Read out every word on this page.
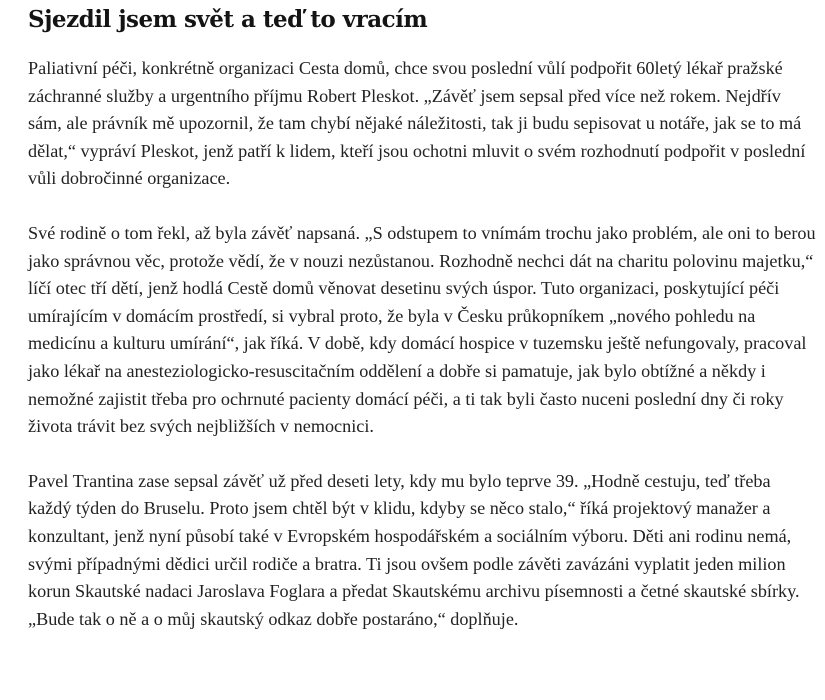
Sjezdil jsem svět a teď to vracím

Paliativní péči, konkrétně organizaci Cesta domů, chce svou poslední vůlí podpořit 60letý lékař pražské záchranné služby a urgentního příjmu Robert Pleskot. „Závěť jsem sepsal před více než rokem. Nejdřív sám, ale právník mě upozornil, že tam chybí nějaké náležitosti, tak ji budu sepisovat u notáře, jak se to má dělat,“ vypráví Pleskot, jenž patří k lidem, kteří jsou ochotni mluvit o svém rozhodnutí podpořit v poslední vůli dobročinné organizace.

Své rodině o tom řekl, až byla závěť napsaná. „S odstupem to vnímám trochu jako problém, ale oni to berou jako správnou věc, protože vědí, že v nouzi nezůstanou. Rozhodně nechci dát na charitu polovinu majetku,“ líčí otec tří dětí, jenž hodlá Cestě domů věnovat desetinu svých úspor. Tuto organizaci, poskytující péči umírajícím v domácím prostředí, si vybral proto, že byla v Česku průkopníkem „nového pohledu na medicínu a kulturu umírání“, jak říká. V době, kdy domácí hospice v tuzemsku ještě nefungovaly, pracoval jako lékař na anesteziologicko-resuscitačním oddělení a dobře si pamatuje, jak bylo obtížné a někdy i nemožné zajistit třeba pro ochrnuté pacienty domácí péči, a ti tak byli často nuceni poslední dny či roky života trávit bez svých nejbližších v nemocnici.

Pavel Trantina zase sepsal závěť už před deseti lety, kdy mu bylo teprve 39. „Hodně cestuju, teď třeba každý týden do Bruselu. Proto jsem chtěl být v klidu, kdyby se něco stalo,“ říká projektový manažer a konzultant, jenž nyní působí také v Evropském hospodářském a sociálním výboru. Děti ani rodinu nemá, svými případnými dědici určil rodiče a bratra. Ti jsou ovšem podle závěti zavázáni vyplatit jeden milion korun Skautské nadaci Jaroslava Foglara a předat Skautskému archivu písemnosti a četné skautské sbírky. „Bude tak o ně a o můj skautský odkaz dobře postaráno,“ doplňuje.
